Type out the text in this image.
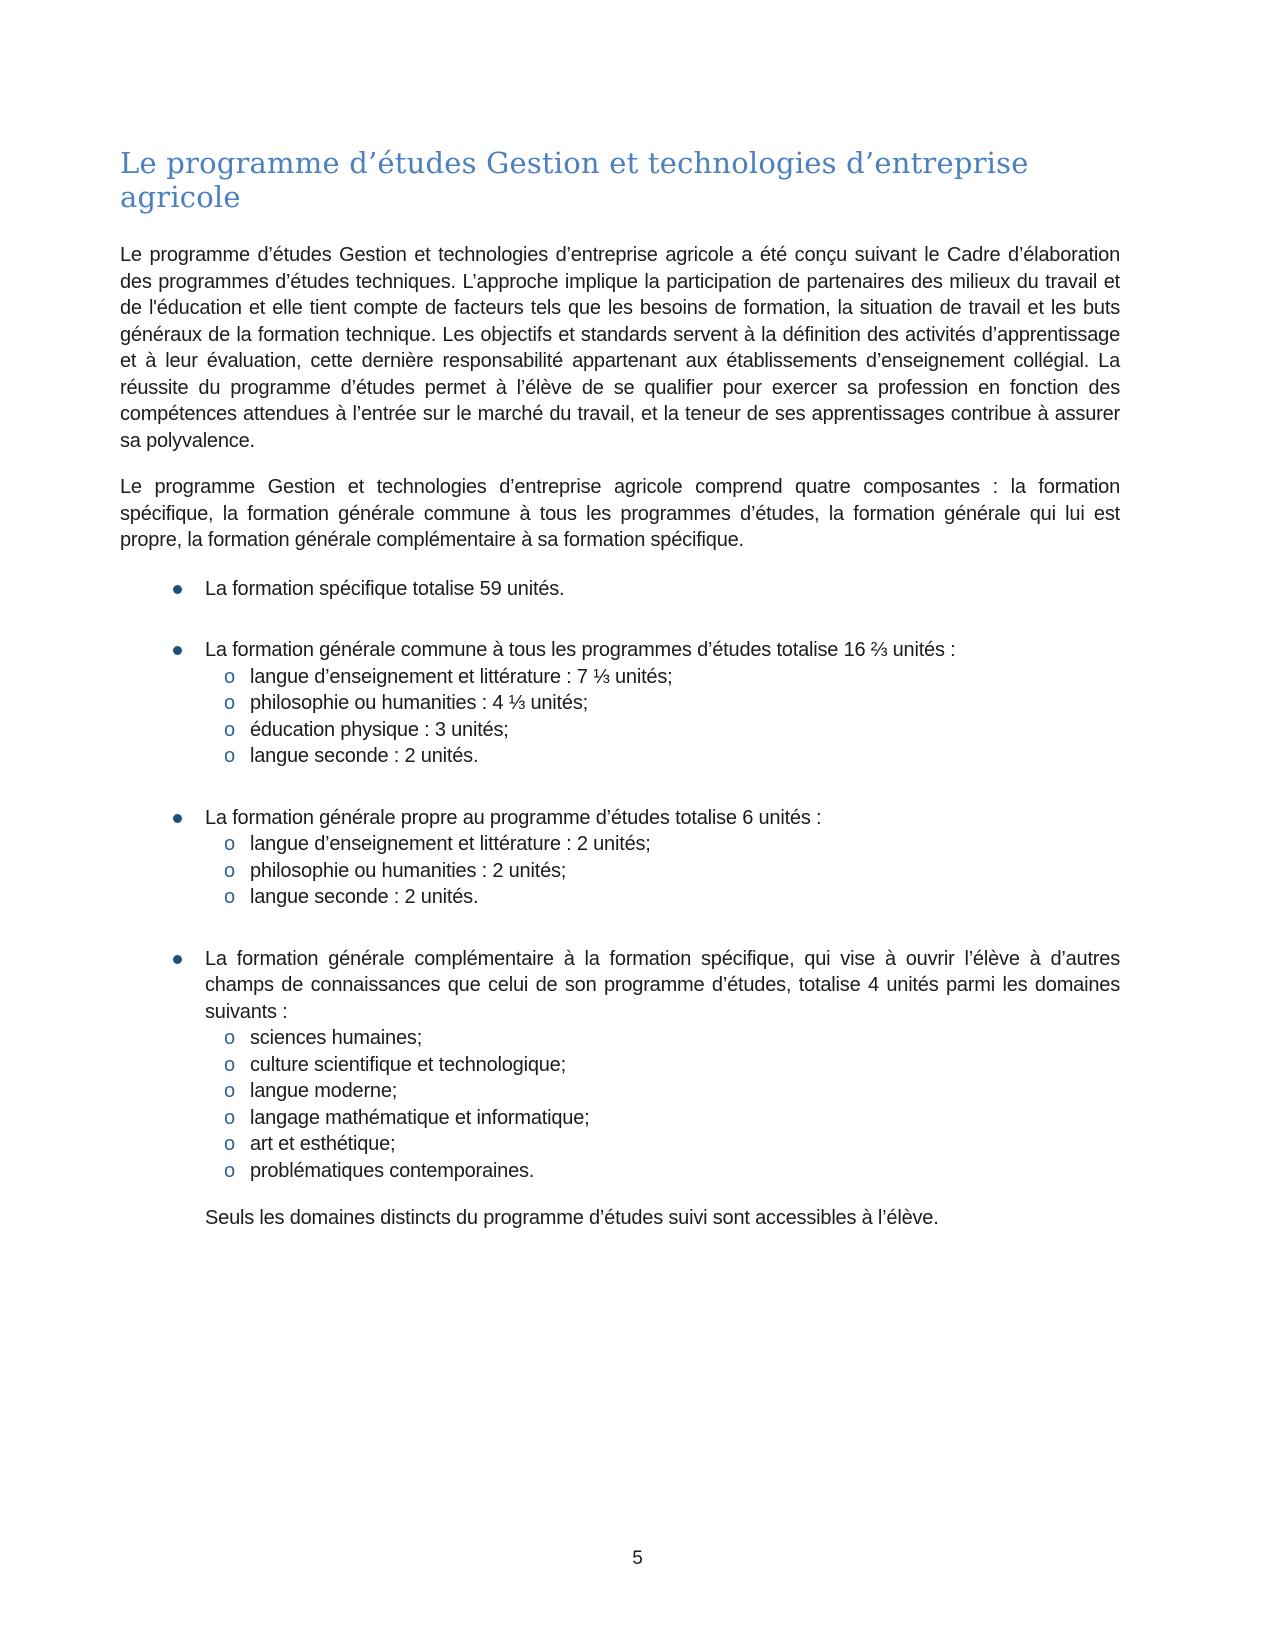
Le programme d’études Gestion et technologies d’entreprise
agricole

Le programme d’études Gestion et technologies d’entreprise agricole a été conçu suivant le Cadre d’élaboration des programmes d’études techniques. L’approche implique la participation de partenaires des milieux du travail et de l'éducation et elle tient compte de facteurs tels que les besoins de formation, la situation de travail et les buts généraux de la formation technique. Les objectifs et standards servent à la définition des activités d’apprentissage et à leur évaluation, cette dernière responsabilité appartenant aux établissements d’enseignement collégial. La réussite du programme d’études permet à l’élève de se qualifier pour exercer sa profession en fonction des compétences attendues à l’entrée sur le marché du travail, et la teneur de ses apprentissages contribue à assurer sa polyvalence.

Le programme Gestion et technologies d’entreprise agricole comprend quatre composantes : la formation spécifique, la formation générale commune à tous les programmes d’études, la formation générale qui lui est propre, la formation générale complémentaire à sa formation spécifique.

La formation spécifique totalise 59 unités.
La formation générale commune à tous les programmes d’études totalise 16 ⅔ unités :
o langue d’enseignement et littérature : 7 ⅓ unités;
o philosophie ou humanities : 4 ⅓ unités;
o éducation physique : 3 unités;
o langue seconde : 2 unités.
La formation générale propre au programme d’études totalise 6 unités :
o langue d’enseignement et littérature : 2 unités;
o philosophie ou humanities : 2 unités;
o langue seconde : 2 unités.
La formation générale complémentaire à la formation spécifique, qui vise à ouvrir l’élève à d’autres champs de connaissances que celui de son programme d’études, totalise 4 unités parmi les domaines suivants :
o sciences humaines;
o culture scientifique et technologique;
o langue moderne;
o langage mathématique et informatique;
o art et esthétique;
o problématiques contemporaines.

Seuls les domaines distincts du programme d’études suivi sont accessibles à l’élève.

5
